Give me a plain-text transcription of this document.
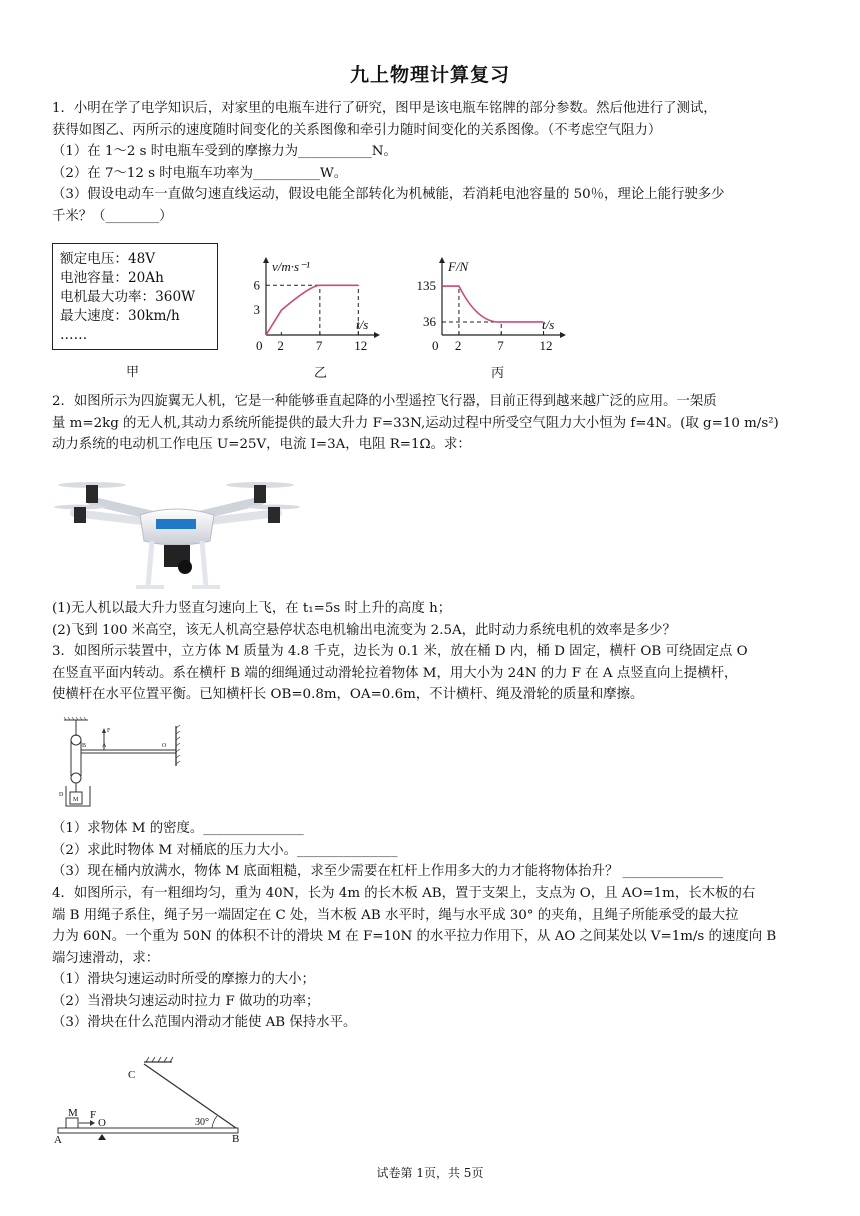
九上物理计算复习
1．小明在学了电学知识后，对家里的电瓶车进行了研究，图甲是该电瓶车铭牌的部分参数。然后他进行了测试，
获得如图乙、丙所示的速度随时间变化的关系图像和牵引力随时间变化的关系图像。（不考虑空气阻力）
（1）在 1～2 s 时电瓶车受到的摩擦力为___________N。
（2）在 7～12 s 时电瓶车功率为__________W。
（3）假设电动车一直做匀速直线运动，假设电能全部转化为机械能，若消耗电池容量的 50％，理论上能行驶多少
千米？（________）
额定电压：48V
电池容量：20Ah
电机最大功率：360W
最大速度：30km/h
……
甲
v/m·s⁻¹
t/s
0 2 7 12
6
3
乙
F/N
t/s
0 2	7	12
135
36
丙
2．如图所示为四旋翼无人机，它是一种能够垂直起降的小型遥控飞行器，目前正得到越来越广泛的应用。一架质
量 m=2kg 的无人机,其动力系统所能提供的最大升力 F=33N,运动过程中所受空气阻力大小恒为 f=4N。(取 g=10 m/s²)
动力系统的电动机工作电压 U=25V，电流 I=3A，电阻 R=1Ω。求：
(1)无人机以最大升力竖直匀速向上飞，在 t₁=5s 时上升的高度 h；
(2)飞到 100 米高空，该无人机高空悬停状态电机输出电流变为 2.5A，此时动力系统电机的效率是多少？
3．如图所示装置中，立方体 M 质量为 4.8 千克，边长为 0.1 米，放在桶 D 内，桶 D 固定，横杆 OB 可绕固定点 O
在竖直平面内转动。系在横杆 B 端的细绳通过动滑轮拉着物体 M，用大小为 24N 的力 F 在 A 点竖直向上提横杆，
使横杆在水平位置平衡。已知横杆长 OB=0.8m，OA=0.6m，不计横杆、绳及滑轮的质量和摩擦。
F
B	A	O
M
D
（1）求物体 M 的密度。_______________
（2）求此时物体 M 对桶底的压力大小。_______________
（3）现在桶内放满水，物体 M 底面粗糙，求至少需要在杠杆上作用多大的力才能将物体抬升？ _______________
4．如图所示，有一粗细均匀，重为 40N，长为 4m 的长木板 AB，置于支架上，支点为 O，且 AO=1m，长木板的右
端 B 用绳子系住，绳子另一端固定在 C 处，当木板 AB 水平时，绳与水平成 30° 的夹角，且绳子所能承受的最大拉
力为 60N。一个重为 50N 的体积不计的滑块 M 在 F=10N 的水平拉力作用下，从 AO 之间某处以 V=1m/s 的速度向 B
端匀速滑动，求：
（1）滑块匀速运动时所受的摩擦力的大小；
（2）当滑块匀速运动时拉力 F 做功的功率；
（3）滑块在什么范围内滑动才能使 AB 保持水平。
C
M F
O
A	B
30°
试卷第 1页，共 5页
